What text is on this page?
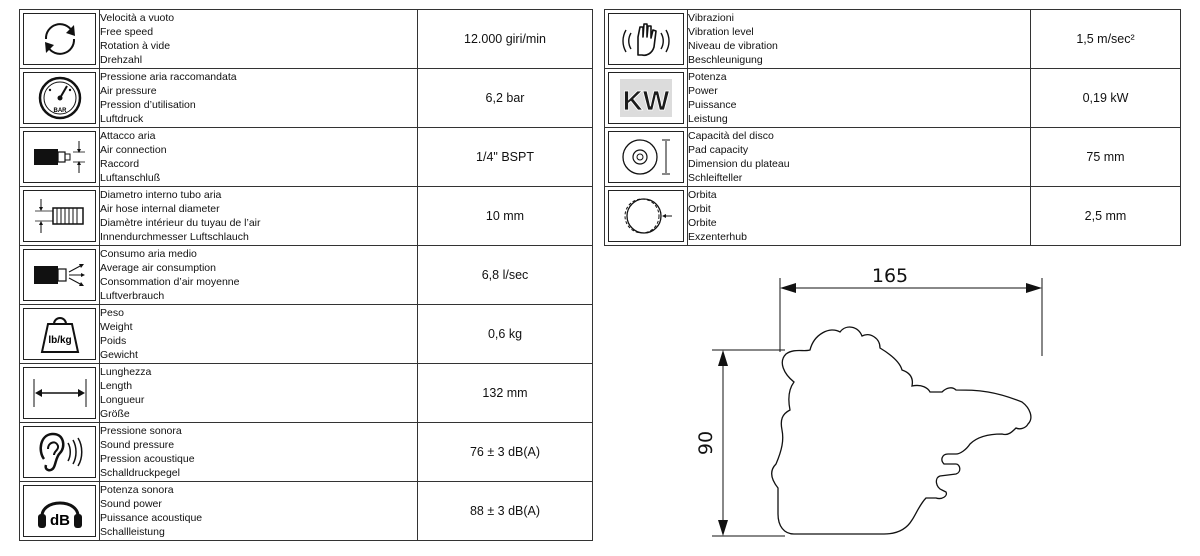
Velocità a vuoto
Free speed
Rotation à vide
Drehzahl	12.000 giri/min

BAR	Pressione aria raccomandata
Air pressure
Pression d’utilisation
Luftdruck	6,2 bar

Attacco aria
Air connection
Raccord
Luftanschluß	1/4" BSPT

Diametro interno tubo aria
Air hose internal diameter
Diamètre intérieur du tuyau de l’air
Innendurchmesser Luftschlauch	10 mm

Consumo aria medio
Average air consumption
Consommation d’air moyenne
Luftverbrauch	6,8 l/sec

lb/kg	Peso
Weight
Poids
Gewicht	0,6 kg

Lunghezza
Length
Longueur
Größe	132 mm

Pressione sonora
Sound pressure
Pression acoustique
Schalldruckpegel	76 ± 3 dB(A)

dB	Potenza sonora
Sound power
Puissance acoustique
Schallleistung	88 ± 3 dB(A)

Vibrazioni
Vibration level
Niveau de vibration
Beschleunigung	1,5 m/sec²

KW	Potenza
Power
Puissance
Leistung	0,19 kW

Capacità del disco
Pad capacity
Dimension du plateau
Schleifteller	75 mm

Orbita
Orbit
Orbite
Exzenterhub	2,5 mm
165
90
